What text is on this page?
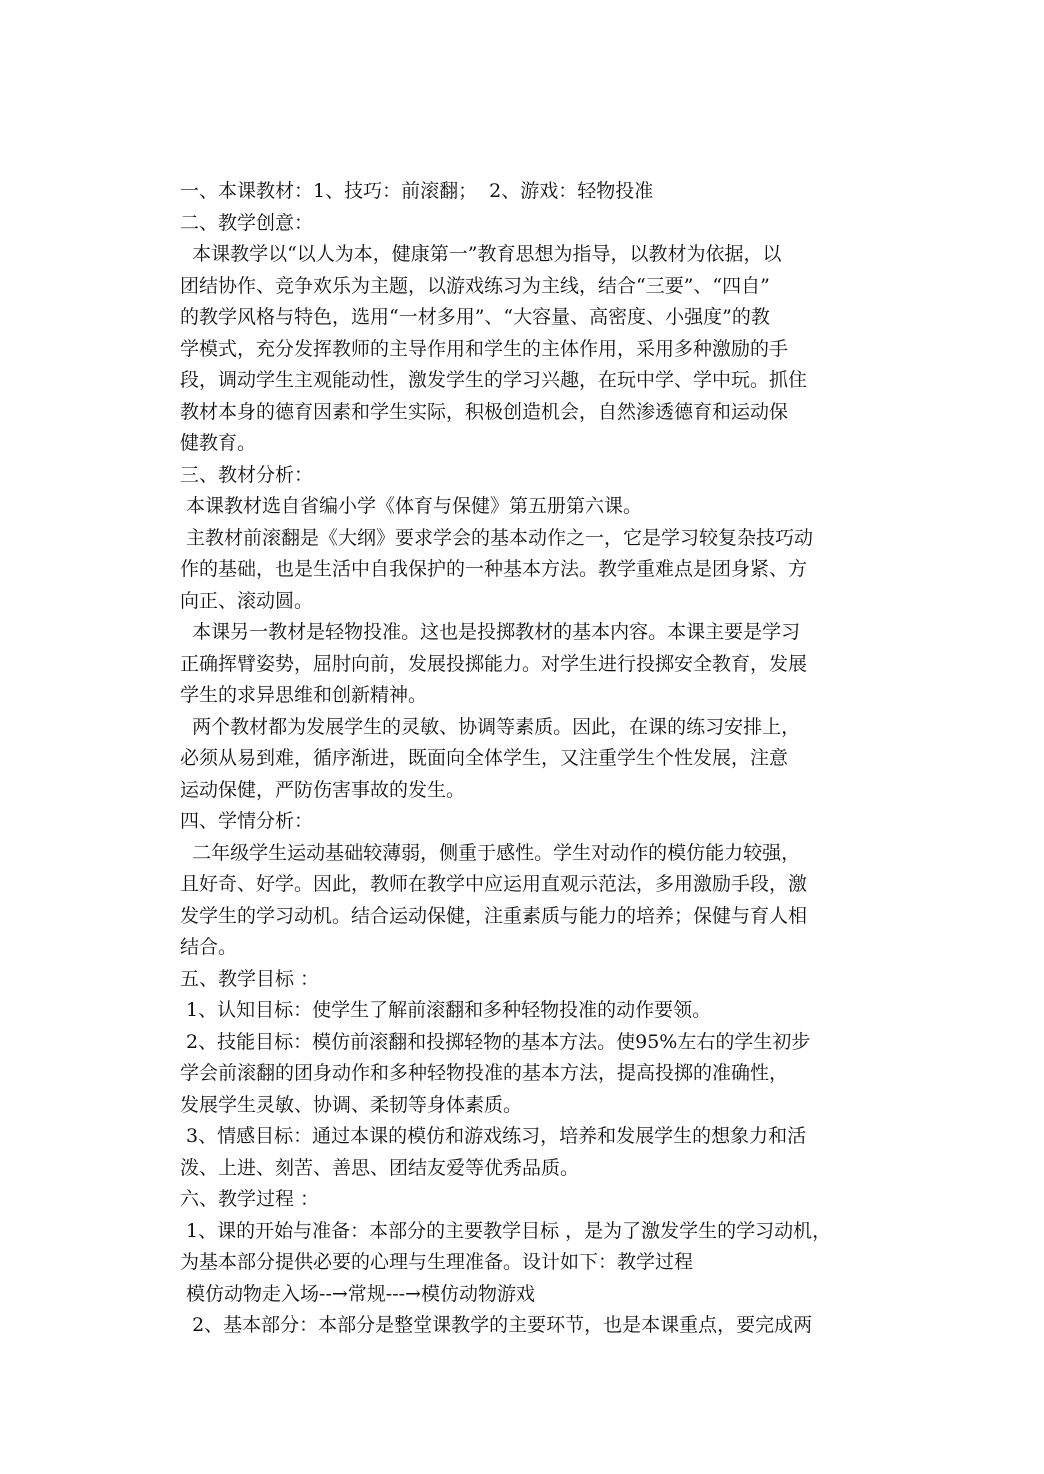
一、本课教材：1、技巧：前滚翻；  2、游戏：轻物投准
二、教学创意：
本课教学以“以人为本，健康第一”教育思想为指导，以教材为依据，以
团结协作、竞争欢乐为主题，以游戏练习为主线，结合“三要”、“四自”
的教学风格与特色，选用“一材多用”、“大容量、高密度、小强度”的教
学模式，充分发挥教师的主导作用和学生的主体作用，采用多种激励的手
段，调动学生主观能动性，激发学生的学习兴趣，在玩中学、学中玩。抓住
教材本身的德育因素和学生实际，积极创造机会，自然渗透德育和运动保
健教育。
三、教材分析：
本课教材选自省编小学《体育与保健》第五册第六课。
主教材前滚翻是《大纲》要求学会的基本动作之一，它是学习较复杂技巧动
作的基础，也是生活中自我保护的一种基本方法。教学重难点是团身紧、方
向正、滚动圆。
本课另一教材是轻物投准。这也是投掷教材的基本内容。本课主要是学习
正确挥臂姿势，屈肘向前，发展投掷能力。对学生进行投掷安全教育，发展
学生的求异思维和创新精神。
两个教材都为发展学生的灵敏、协调等素质。因此，在课的练习安排上，
必须从易到难，循序渐进，既面向全体学生，又注重学生个性发展，注意
运动保健，严防伤害事故的发生。
四、学情分析：
二年级学生运动基础较薄弱，侧重于感性。学生对动作的模仿能力较强，
且好奇、好学。因此，教师在教学中应运用直观示范法，多用激励手段，激
发学生的学习动机。结合运动保健，注重素质与能力的培养；保健与育人相
结合。
五、教学目标 ：
1、认知目标：使学生了解前滚翻和多种轻物投准的动作要领。
2、技能目标：模仿前滚翻和投掷轻物的基本方法。使95%左右的学生初步
学会前滚翻的团身动作和多种轻物投准的基本方法，提高投掷的准确性，
发展学生灵敏、协调、柔韧等身体素质。
3、情感目标：通过本课的模仿和游戏练习，培养和发展学生的想象力和活
泼、上进、刻苦、善思、团结友爱等优秀品质。
六、教学过程 ：
1、课的开始与准备：本部分的主要教学目标 ，是为了激发学生的学习动机，
为基本部分提供必要的心理与生理准备。设计如下：教学过程
模仿动物走入场--→常规---→模仿动物游戏
2、基本部分：本部分是整堂课教学的主要环节，也是本课重点，要完成两
